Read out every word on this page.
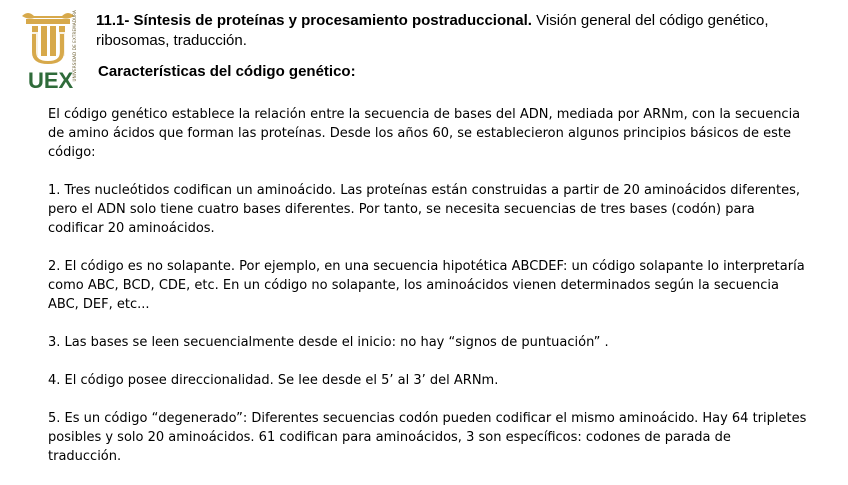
UEX
UNIVERSIDAD DE EXTREMADURA 11.1- Síntesis de proteínas y procesamiento postraduccional. Visión general del código genético, ribosomas, traducción.
Características del código genético:

El código genético establece la relación entre la secuencia de bases del ADN, mediada por ARNm, con la secuencia de amino ácidos que forman las proteínas. Desde los años 60, se establecieron algunos principios básicos de este código:

1. Tres nucleótidos codifican un aminoácido. Las proteínas están construidas a partir de 20 aminoácidos diferentes, pero el ADN solo tiene cuatro bases diferentes. Por tanto, se necesita secuencias de tres bases (codón) para codificar 20 aminoácidos.

2. El código es no solapante. Por ejemplo, en una secuencia hipotética ABCDEF: un código solapante lo interpretaría como ABC, BCD, CDE, etc. En un código no solapante, los aminoácidos vienen determinados según la secuencia ABC, DEF, etc...

3. Las bases se leen secuencialmente desde el inicio: no hay “signos de puntuación” .

4. El código posee direccionalidad. Se lee desde el 5’ al 3’ del ARNm.

5. Es un código “degenerado”: Diferentes secuencias codón pueden codificar el mismo aminoácido. Hay 64 tripletes posibles y solo 20 aminoácidos. 61 codifican para aminoácidos, 3 son específicos: codones de parada de traducción.
